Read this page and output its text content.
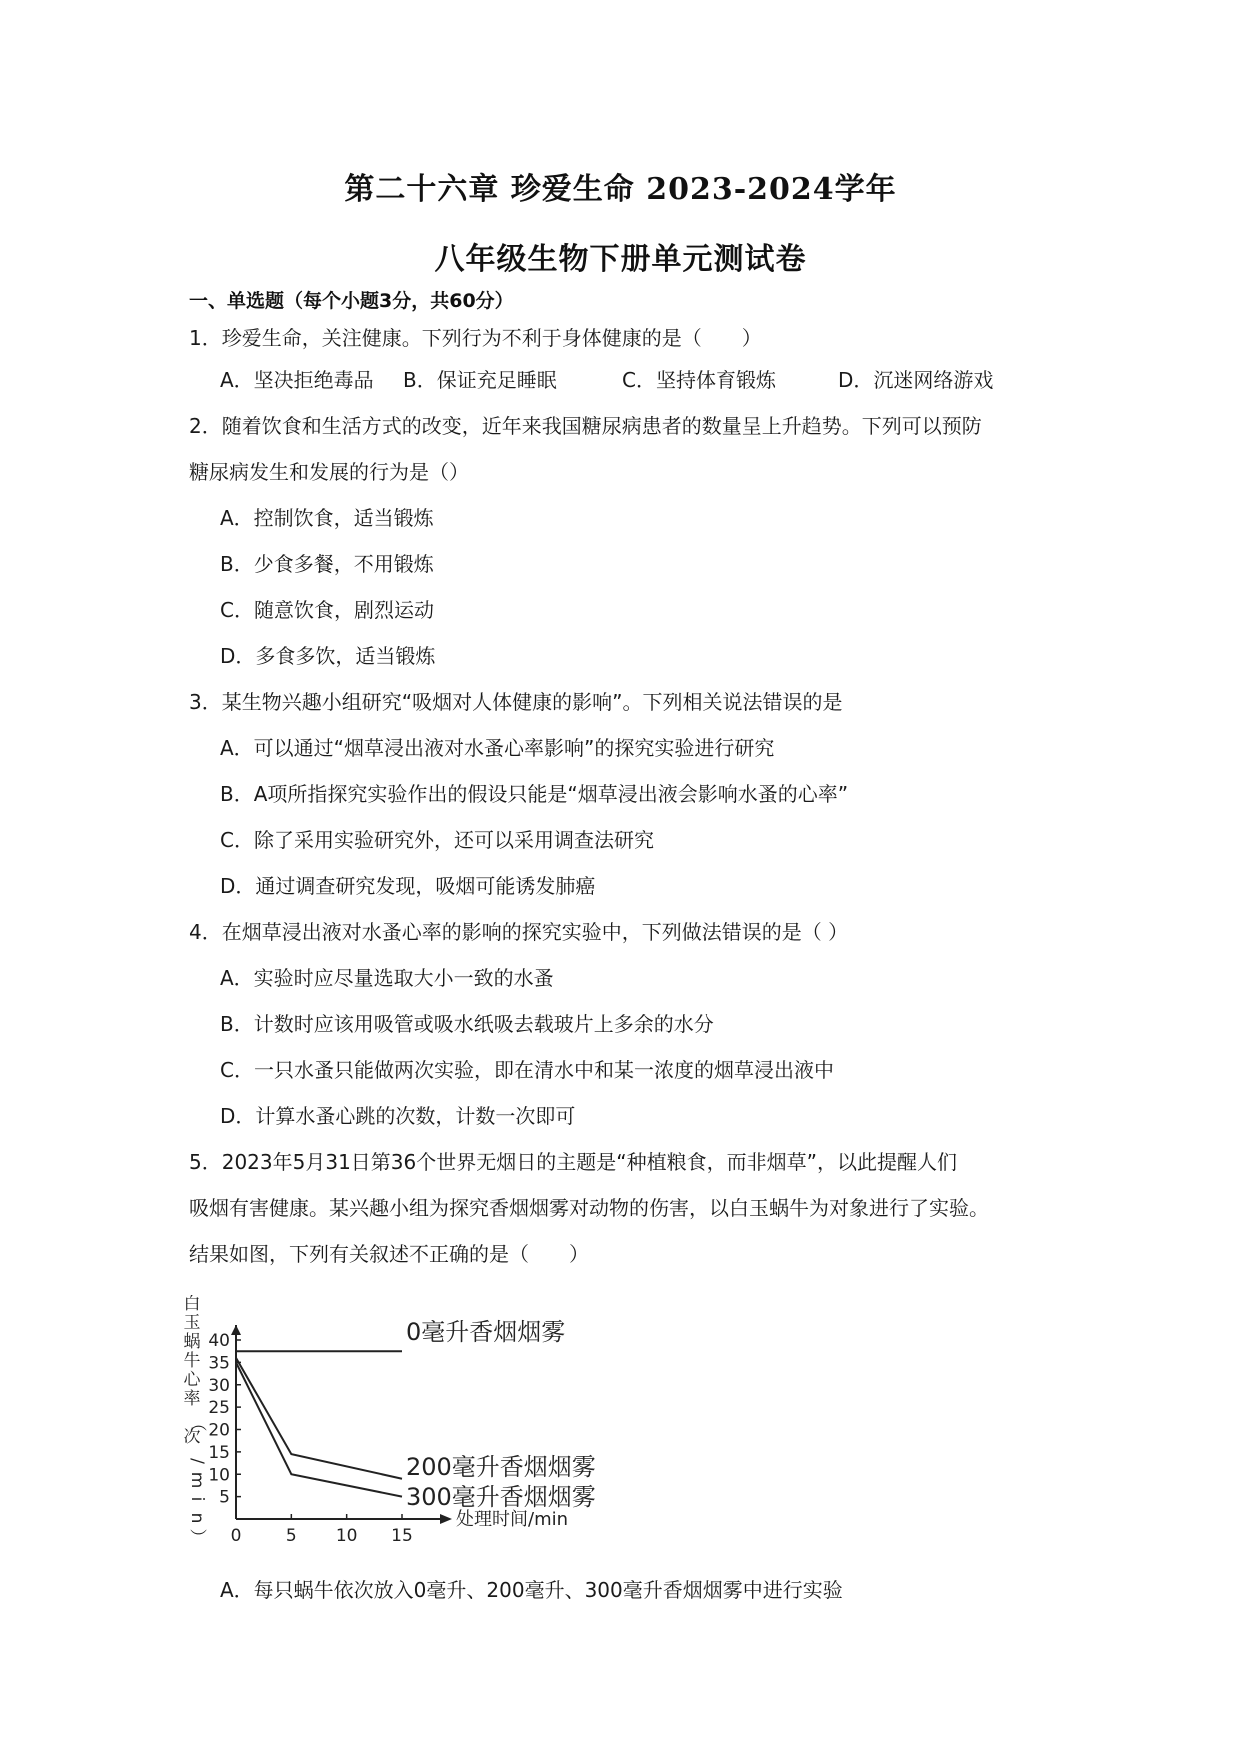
第二十六章 珍爱生命 2023-2024学年
八年级生物下册单元测试卷
一、单选题（每个小题3分，共60分）
1．珍爱生命，关注健康。下列行为不利于身体健康的是（　　）
A．坚决拒绝毒品 B．保证充足睡眠	C．坚持体育锻炼	D．沉迷网络游戏
2．随着饮食和生活方式的改变，近年来我国糖尿病患者的数量呈上升趋势。下列可以预防
糖尿病发生和发展的行为是（）
A．控制饮食，适当锻炼
B．少食多餐，不用锻炼
C．随意饮食，剧烈运动
D．多食多饮，适当锻炼
3．某生物兴趣小组研究“吸烟对人体健康的影响”。下列相关说法错误的是
A．可以通过“烟草浸出液对水蚤心率影响”的探究实验进行研究
B．A项所指探究实验作出的假设只能是“烟草浸出液会影响水蚤的心率”
C．除了采用实验研究外，还可以采用调查法研究
D．通过调查研究发现，吸烟可能诱发肺癌
4．在烟草浸出液对水蚤心率的影响的探究实验中，下列做法错误的是（ ）
A．实验时应尽量选取大小一致的水蚤
B．计数时应该用吸管或吸水纸吸去载玻片上多余的水分
C．一只水蚤只能做两次实验，即在清水中和某一浓度的烟草浸出液中
D．计算水蚤心跳的次数，计数一次即可
5．2023年5月31日第36个世界无烟日的主题是“种植粮食，而非烟草”，以此提醒人们
吸烟有害健康。某兴趣小组为探究香烟烟雾对动物的伤害，以白玉蜗牛为对象进行了实验。
结果如图，下列有关叙述不正确的是（　　）
白
玉
蜗
牛
心
率
（
次
/
m
i
n
）
5
10
15
20
25
30
35
40
0	5 10 15
0毫升香烟烟雾
200毫升香烟烟雾
300毫升香烟烟雾
处理时间/min
A．每只蜗牛依次放入0毫升、200毫升、300毫升香烟烟雾中进行实验
